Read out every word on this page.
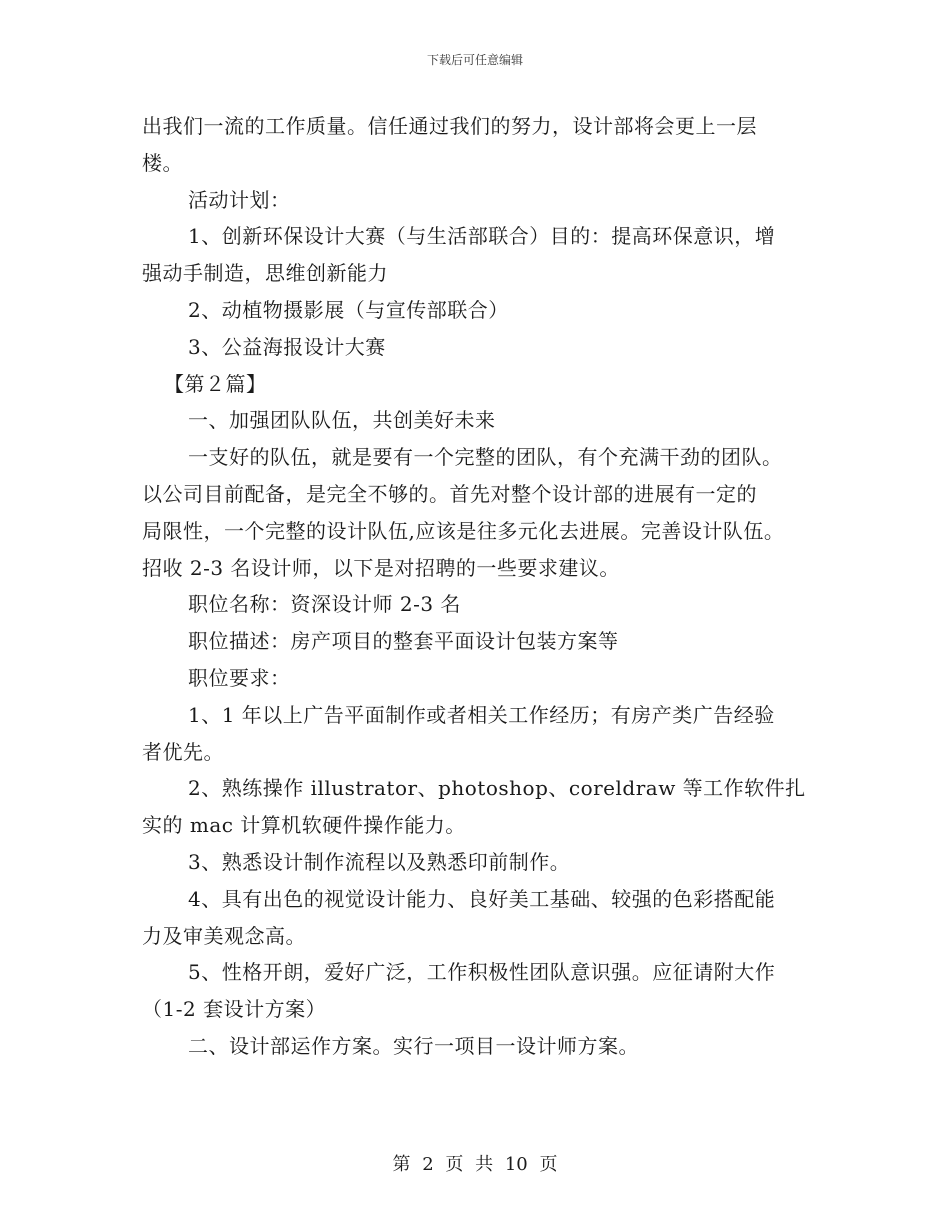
下载后可任意编辑
出我们一流的工作质量。信任通过我们的努力，设计部将会更上一层
楼。
活动计划：
1、创新环保设计大赛（与生活部联合）目的：提高环保意识，增
强动手制造，思维创新能力
2、动植物摄影展（与宣传部联合）
3、公益海报设计大赛
【第２篇】
一、加强团队队伍，共创美好未来
一支好的队伍，就是要有一个完整的团队，有个充满干劲的团队。
以公司目前配备，是完全不够的。首先对整个设计部的进展有一定的
局限性，一个完整的设计队伍,应该是往多元化去进展。完善设计队伍。
招收 2-3 名设计师，以下是对招聘的一些要求建议。
职位名称：资深设计师 2-3 名
职位描述：房产项目的整套平面设计包装方案等
职位要求：
1、1 年以上广告平面制作或者相关工作经历；有房产类广告经验
者优先。
2、熟练操作 illustrator、photoshop、coreldraw 等工作软件扎
实的 mac 计算机软硬件操作能力。
3、熟悉设计制作流程以及熟悉印前制作。
4、具有出色的视觉设计能力、良好美工基础、较强的色彩搭配能
力及审美观念高。
5、性格开朗，爱好广泛，工作积极性团队意识强。应征请附大作
（1-2 套设计方案）
二、设计部运作方案。实行一项目一设计师方案。
第 2 页 共 10 页
